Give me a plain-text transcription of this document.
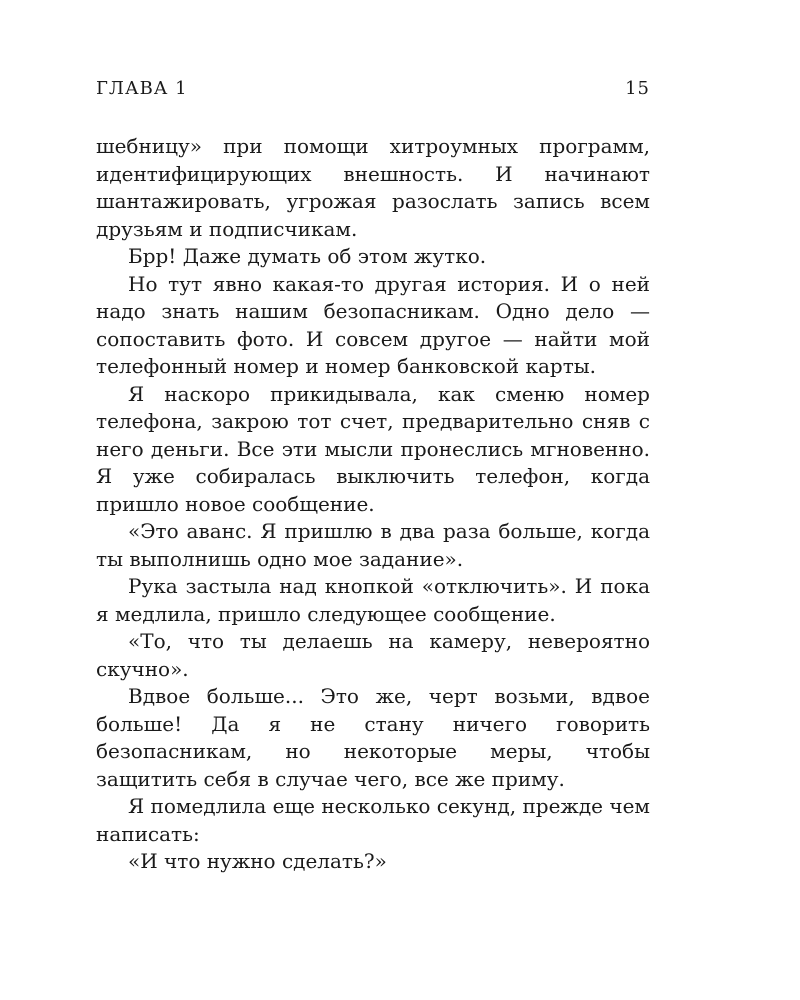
ГЛАВА 1	15

шебницу» при помощи хитроумных программ, идентифицирующих внешность. И начинают шантажировать, угрожая разослать запись всем друзьям и подписчикам.

Брр! Даже думать об этом жутко.

Но тут явно какая-то другая история. И о ней надо знать нашим безопасникам. Одно дело — сопоставить фото. И совсем другое — найти мой телефонный номер и номер банковской карты.

Я наскоро прикидывала, как сменю номер телефона, закрою тот счет, предварительно сняв с него деньги. Все эти мысли пронеслись мгновенно. Я уже собиралась выключить телефон, когда пришло новое сообщение.

«Это аванс. Я пришлю в два раза больше, когда ты выполнишь одно мое задание».

Рука застыла над кнопкой «отключить». И пока я медлила, пришло следующее сообщение.

«То, что ты делаешь на камеру, невероятно скучно».

Вдвое больше... Это же, черт возьми, вдвое больше! Да я не стану ничего говорить безопасникам, но некоторые меры, чтобы защитить себя в случае чего, все же приму.

Я помедлила еще несколько секунд, прежде чем написать:

«И что нужно сделать?»
